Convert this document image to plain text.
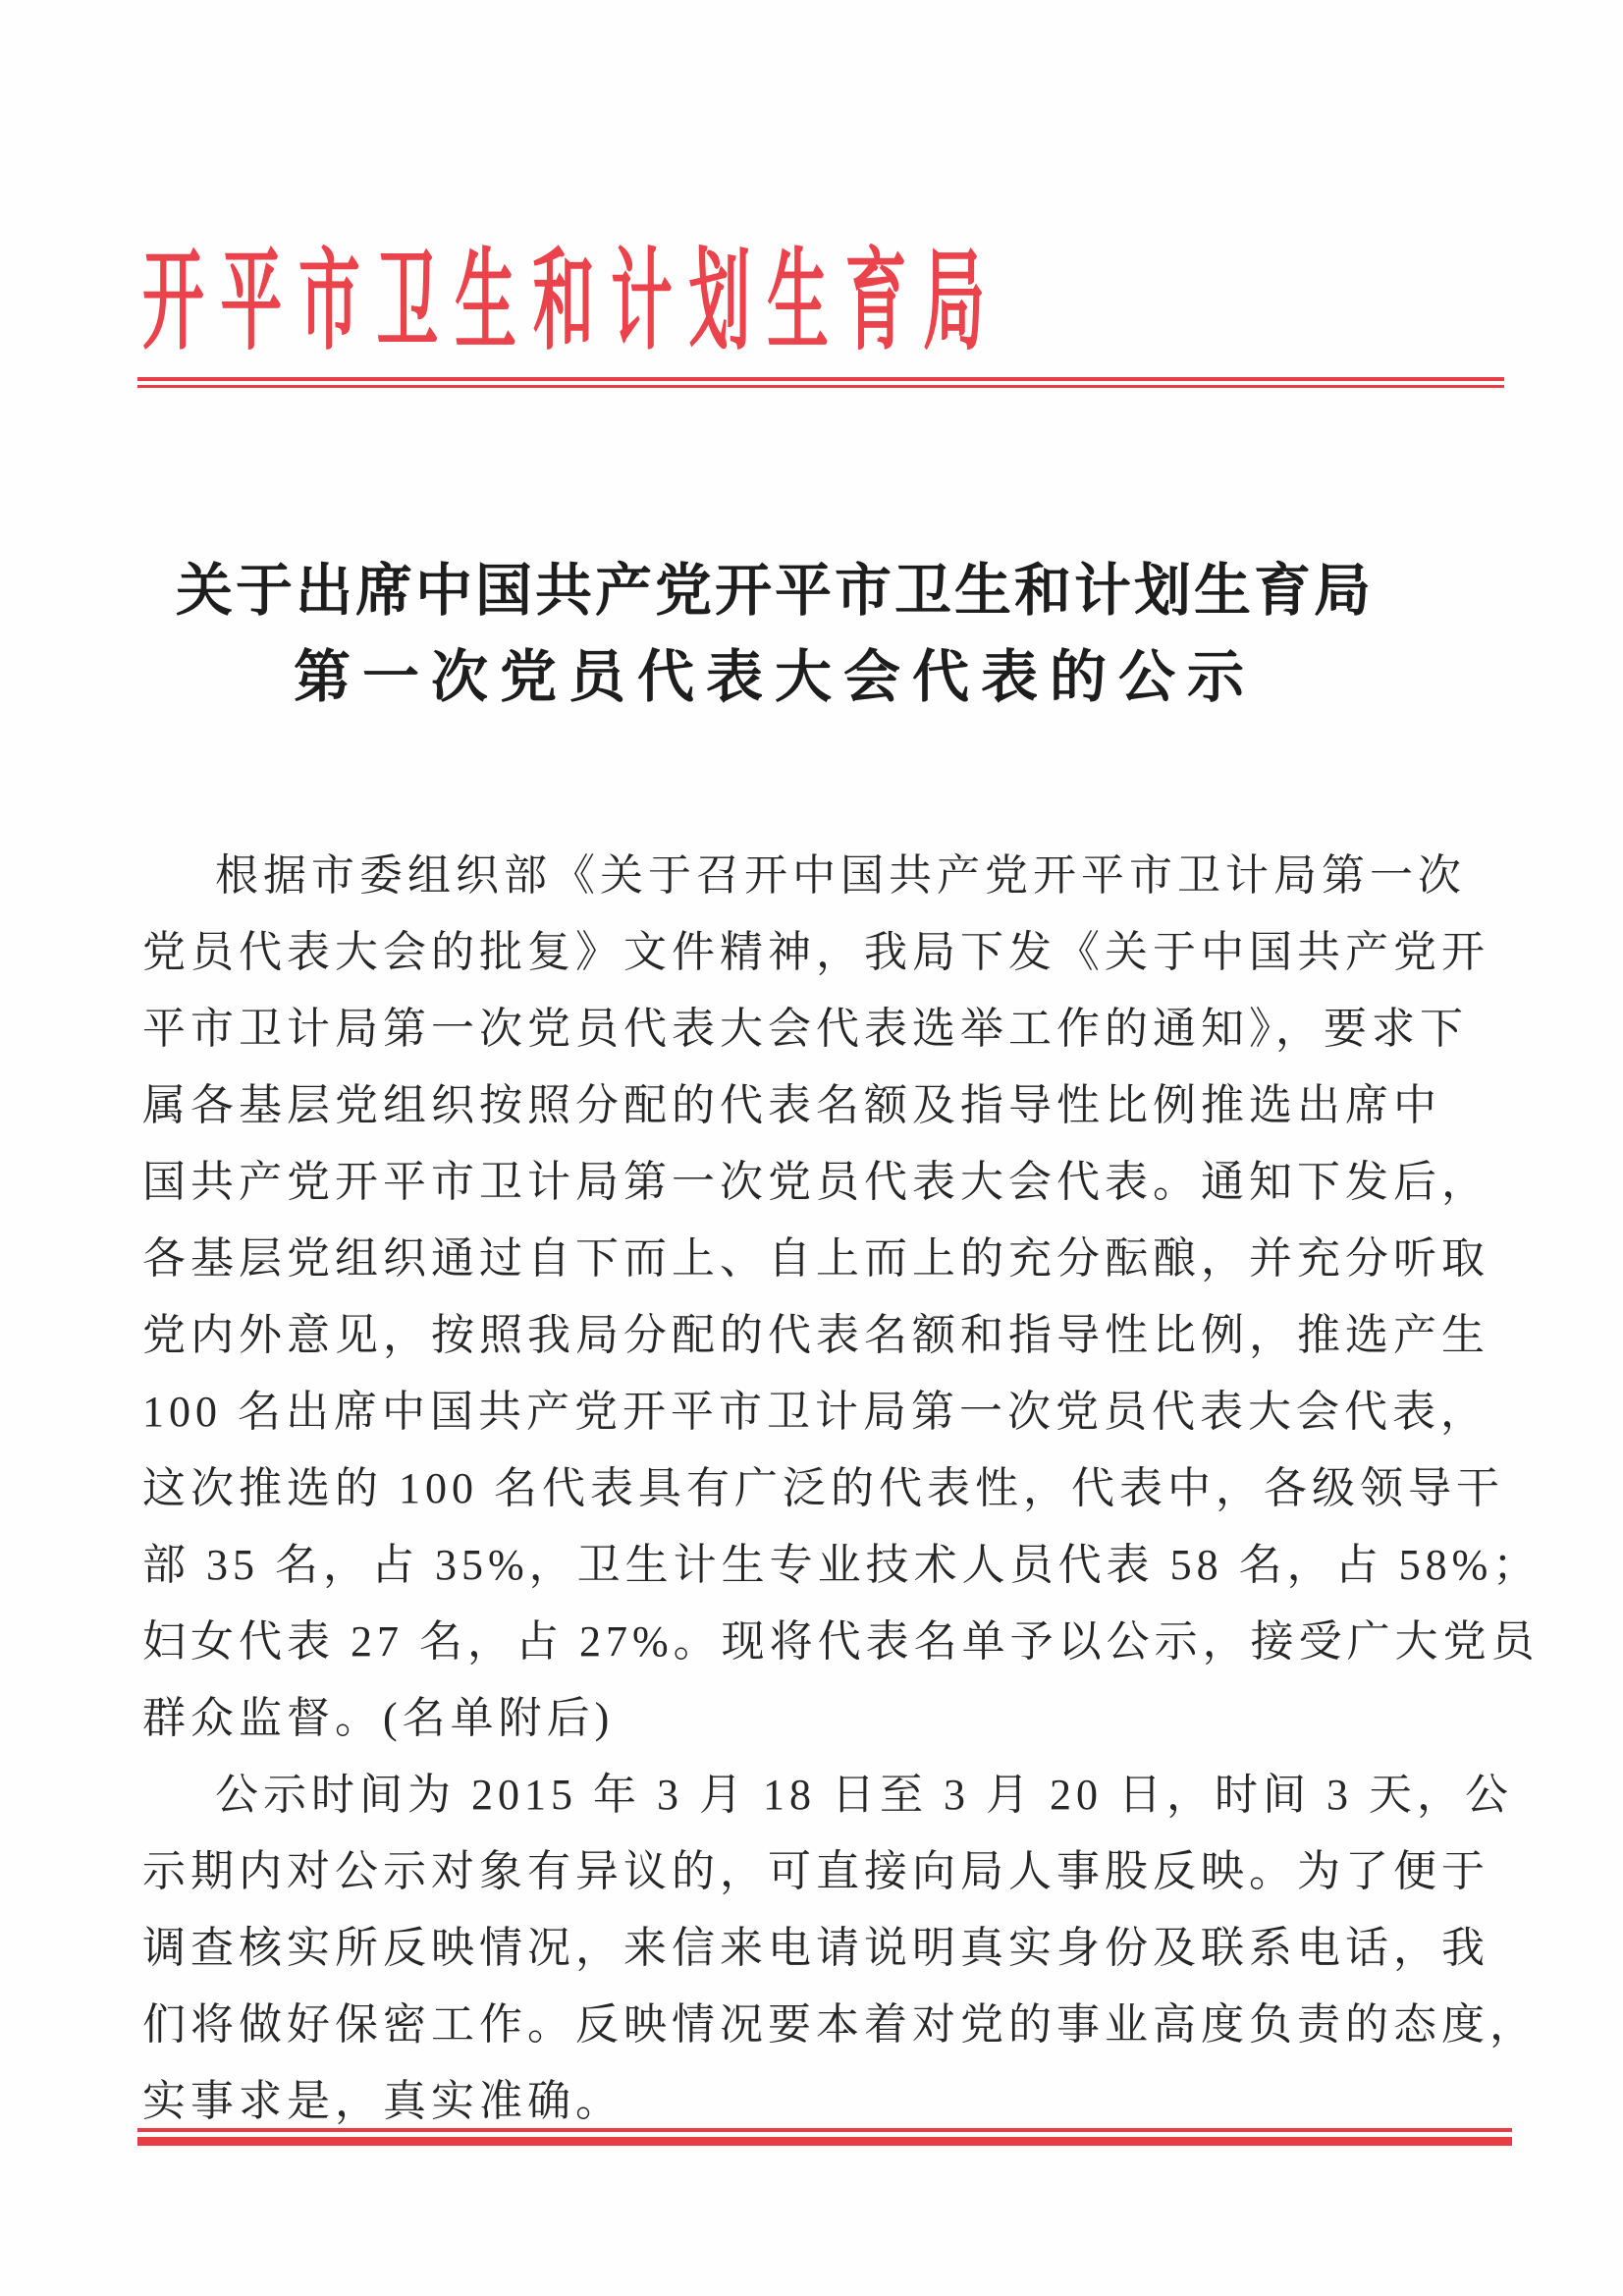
开平市卫生和计划生育局
关于出席中国共产党开平市卫生和计划生育局
第一次党员代表大会代表的公示
根据市委组织部《关于召开中国共产党开平市卫计局第一次
党员代表大会的批复》文件精神，我局下发《关于中国共产党开
平市卫计局第一次党员代表大会代表选举工作的通知》，要求下
属各基层党组织按照分配的代表名额及指导性比例推选出席中
国共产党开平市卫计局第一次党员代表大会代表。通知下发后，
各基层党组织通过自下而上、自上而上的充分酝酿，并充分听取
党内外意见，按照我局分配的代表名额和指导性比例，推选产生
100 名出席中国共产党开平市卫计局第一次党员代表大会代表，
这次推选的 100 名代表具有广泛的代表性，代表中，各级领导干
部 35 名，占 35%，卫生计生专业技术人员代表 58 名，占 58%；
妇女代表 27 名，占 27%。现将代表名单予以公示，接受广大党员
群众监督。(名单附后)
公示时间为 2015 年 3 月 18 日至 3 月 20 日，时间 3 天，公
示期内对公示对象有异议的，可直接向局人事股反映。为了便于
调查核实所反映情况，来信来电请说明真实身份及联系电话，我
们将做好保密工作。反映情况要本着对党的事业高度负责的态度，
实事求是，真实准确。
